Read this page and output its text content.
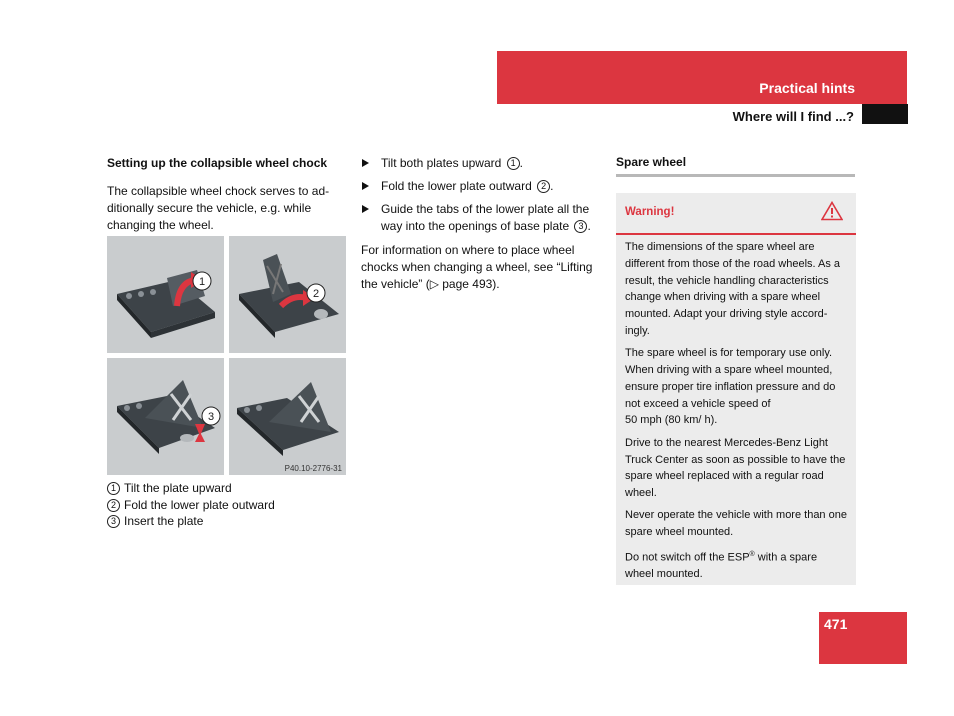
Practical hints
Where will I find ...?
Setting up the collapsible wheel chock

The collapsible wheel chock serves to ad-ditionally secure the vehicle, e.g. while changing the wheel.

1
2
3
P40.10-2776-31
1 Tilt the plate upward
2 Fold the lower plate outward
3 Insert the plate
Tilt both plates upward 1 .
Fold the lower plate outward 2 .
Guide the tabs of the lower plate all the way into the openings of base plate 3 .

For information on where to place wheel chocks when changing a wheel, see “Lifting the vehicle” (▷ page 493).

Spare wheel
Warning!

The dimensions of the spare wheel are different from those of the road wheels. As a result, the vehicle handling characteristics change when driving with a spare wheel mounted. Adapt your driving style accord-ingly.

The spare wheel is for temporary use only. When driving with a spare wheel mounted, ensure proper tire inflation pressure and do not exceed a vehicle speed of

50 mph (80 km/ h).

Drive to the nearest Mercedes-Benz Light Truck Center as soon as possible to have the spare wheel replaced with a regular road wheel.

Never operate the vehicle with more than one spare wheel mounted.

Do not switch off the ESP® with a spare wheel mounted.

471
